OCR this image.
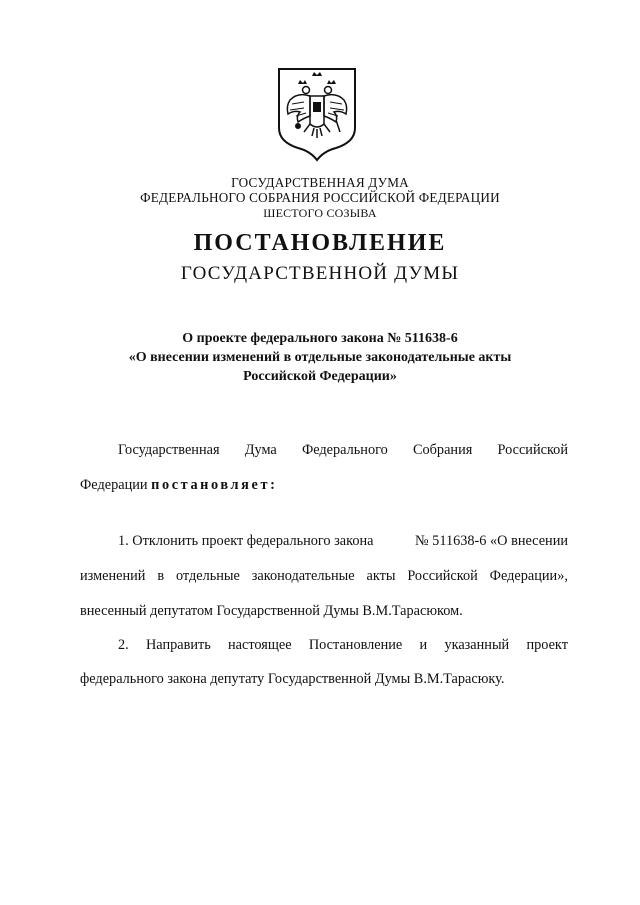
ГОСУДАРСТВЕННАЯ ДУМА
ФЕДЕРАЛЬНОГО СОБРАНИЯ РОССИЙСКОЙ ФЕДЕРАЦИИ
ШЕСТОГО СОЗЫВА
ПОСТАНОВЛЕНИЕ
ГОСУДАРСТВЕННОЙ ДУМЫ
О проекте федерального закона № 511638-6
«О внесении изменений в отдельные законодательные акты
Российской Федерации»
Государственная Дума Федерального Собрания Российской
Федерации постановляет:
1. Отклонить проект федерального закона	№ 511638-6 «О внесении
изменений в отдельные законодательные акты Российской Федерации»,
внесенный депутатом Государственной Думы В.М.Тарасюком.
2. Направить настоящее Постановление и указанный проект
федерального закона депутату Государственной Думы В.М.Тарасюку.
